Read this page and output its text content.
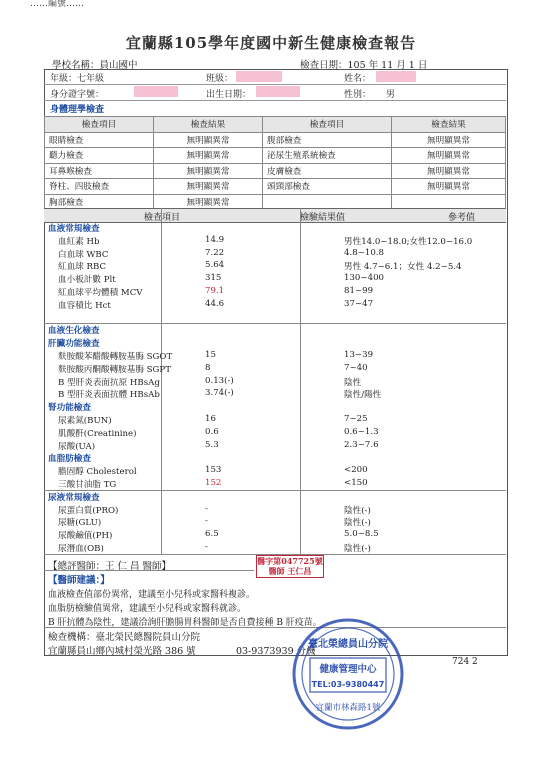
……編號……
宜蘭縣105學年度國中新生健康檢查報告
學校名稱：員山國中	檢查日期：105 年 11 月 1 日
年級：七年級	班級：	姓名：
身分證字號：	出生日期：	性別： 男
身體理學檢查
檢查項目	檢查結果	檢查項目	檢查結果
眼睛檢查	無明顯異常	腹部檢查	無明顯異常
聽力檢查	無明顯異常	泌尿生殖系統檢查	無明顯異常
耳鼻喉檢查	無明顯異常	皮膚檢查	無明顯異常
脊柱、四肢檢查	無明顯異常	頭頸部檢查	無明顯異常
胸部檢查	無明顯異常		
檢查項目	檢驗結果值	參考值
血液常規檢查
血紅素 Hb	14.9	男性14.0~18.0;女性12.0~16.0
白血球 WBC	7.22	4.8~10.8
紅血球 RBC	5.64	男性 4.7~6.1；女性 4.2~5.4
血小板計數 Plt	315	130~400
紅血球平均體積 MCV	79.1	81~99
血容積比 Hct	44.6	37~47
血液生化檢查
肝臟功能檢查
麩胺酸苯醋酸轉胺基脢 SGOT	15	13~39
麩胺酸丙酮酸轉胺基脢 SGPT	8	7~40
B 型肝炎表面抗原 HBsAg	0.13(-)	陰性
B 型肝炎表面抗體 HBsAb	3.74(-)	陰性/陽性
腎功能檢查
尿素氮(BUN)	16	7~25
肌酸酐(Creatinine)	0.6	0.6~1.3
尿酸(UA)	5.3	2.3~7.6
血脂肪檢查
膽固醇 Cholesterol	153	<200
三酸甘油脂 TG	152	<150
尿液常規檢查
尿蛋白質(PRO)	-	陰性(-)
尿糖(GLU)	-	陰性(-)
尿酸鹼值(PH)	6.5	5.0~8.5
尿潛血(OB)	-	陰性(-)
【總評醫師：王 仁 昌 醫師】	醫字第047725號
醫師 王仁昌
【醫師建議：】
血液檢查值部份異常，建議至小兒科或家醫科複診。
血脂肪檢驗值異常，建議至小兒科或家醫科就診。
B 肝抗體為陰性，建議洽詢肝膽腸胃科醫師是否自費接種 B 肝疫苗。
檢查機構：臺北榮民總醫院員山分院
宜蘭縣員山鄉內城村榮光路 386 號	03-9373939 分機
724 2
臺北榮總員山分院
健康管理中心
TEL:03-9380447
宜蘭市林森路1號
